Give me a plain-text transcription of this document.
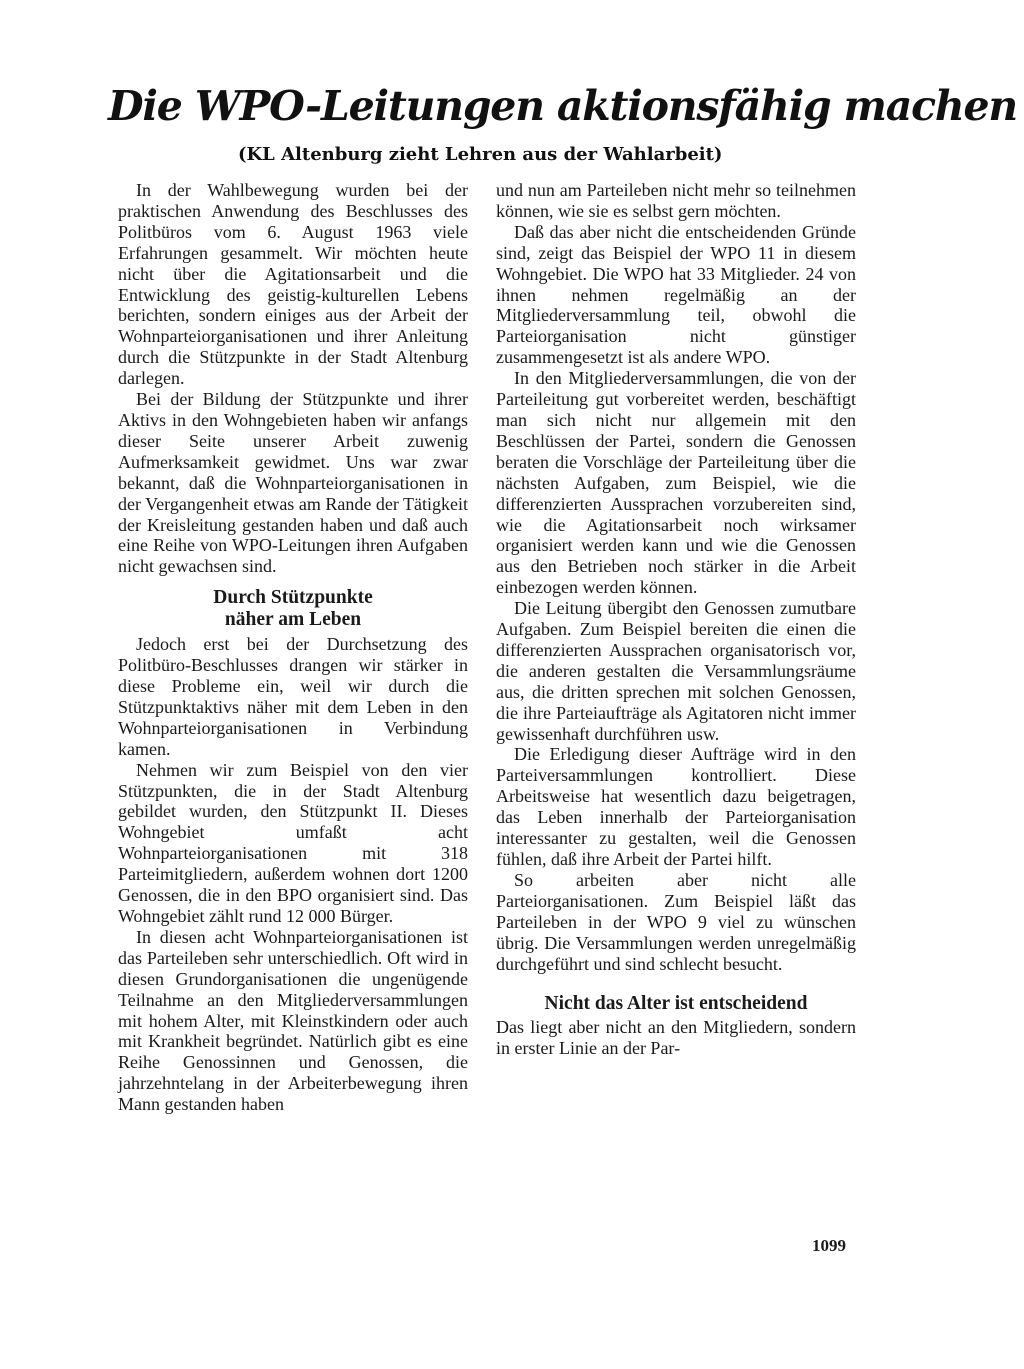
Die WPO-Leitungen aktionsfähig machen
(KL Altenburg zieht Lehren aus der Wahlarbeit)

In der Wahlbewegung wurden bei der praktischen Anwendung des Beschlusses des Politbüros vom 6. August 1963 viele Erfahrungen gesammelt. Wir möchten heute nicht über die Agitationsarbeit und die Entwicklung des geistig-kulturellen Lebens berichten, sondern einiges aus der Arbeit der Wohnparteiorganisationen und ihrer Anleitung durch die Stützpunkte in der Stadt Altenburg darlegen.

Bei der Bildung der Stützpunkte und ihrer Aktivs in den Wohngebieten haben wir anfangs dieser Seite unserer Arbeit zuwenig Aufmerksamkeit gewidmet. Uns war zwar bekannt, daß die Wohnparteiorganisationen in der Vergangenheit etwas am Rande der Tätigkeit der Kreisleitung gestanden haben und daß auch eine Reihe von WPO-Leitungen ihren Aufgaben nicht gewachsen sind.

Durch Stützpunkte
näher am Leben

Jedoch erst bei der Durchsetzung des Politbüro-Beschlusses drangen wir stärker in diese Probleme ein, weil wir durch die Stützpunktaktivs näher mit dem Leben in den Wohnparteiorganisationen in Verbindung kamen.

Nehmen wir zum Beispiel von den vier Stützpunkten, die in der Stadt Altenburg gebildet wurden, den Stützpunkt II. Dieses Wohngebiet umfaßt acht Wohnparteiorganisationen mit 318 Parteimitgliedern, außerdem wohnen dort 1200 Genossen, die in den BPO organisiert sind. Das Wohngebiet zählt rund 12 000 Bürger.

In diesen acht Wohnparteiorganisationen ist das Parteileben sehr unterschiedlich. Oft wird in diesen Grundorganisationen die ungenügende Teilnahme an den Mitgliederversammlungen mit hohem Alter, mit Kleinstkindern oder auch mit Krankheit begründet. Natürlich gibt es eine Reihe Genossinnen und Genossen, die jahrzehntelang in der Arbeiterbewegung ihren Mann gestanden haben

und nun am Parteileben nicht mehr so teilnehmen können, wie sie es selbst gern möchten.

Daß das aber nicht die entscheidenden Gründe sind, zeigt das Beispiel der WPO 11 in diesem Wohngebiet. Die WPO hat 33 Mitglieder. 24 von ihnen nehmen regelmäßig an der Mitgliederversammlung teil, obwohl die Parteiorganisation nicht günstiger zusammengesetzt ist als andere WPO.

In den Mitgliederversammlungen, die von der Parteileitung gut vorbereitet werden, beschäftigt man sich nicht nur allgemein mit den Beschlüssen der Partei, sondern die Genossen beraten die Vorschläge der Parteileitung über die nächsten Aufgaben, zum Beispiel, wie die differenzierten Aussprachen vorzubereiten sind, wie die Agitationsarbeit noch wirksamer organisiert werden kann und wie die Genossen aus den Betrieben noch stärker in die Arbeit einbezogen werden können.

Die Leitung übergibt den Genossen zumutbare Aufgaben. Zum Beispiel bereiten die einen die differenzierten Aussprachen organisatorisch vor, die anderen gestalten die Versammlungsräume aus, die dritten sprechen mit solchen Genossen, die ihre Parteiaufträge als Agitatoren nicht immer gewissenhaft durchführen usw.

Die Erledigung dieser Aufträge wird in den Parteiversammlungen kontrolliert. Diese Arbeitsweise hat wesentlich dazu beigetragen, das Leben innerhalb der Parteiorganisation interessanter zu gestalten, weil die Genossen fühlen, daß ihre Arbeit der Partei hilft.

So arbeiten aber nicht alle Parteiorganisationen. Zum Beispiel läßt das Parteileben in der WPO 9 viel zu wünschen übrig. Die Versammlungen werden unregelmäßig durchgeführt und sind schlecht besucht.

Nicht das Alter ist entscheidend

Das liegt aber nicht an den Mitgliedern, sondern in erster Linie an der Par-

1099
